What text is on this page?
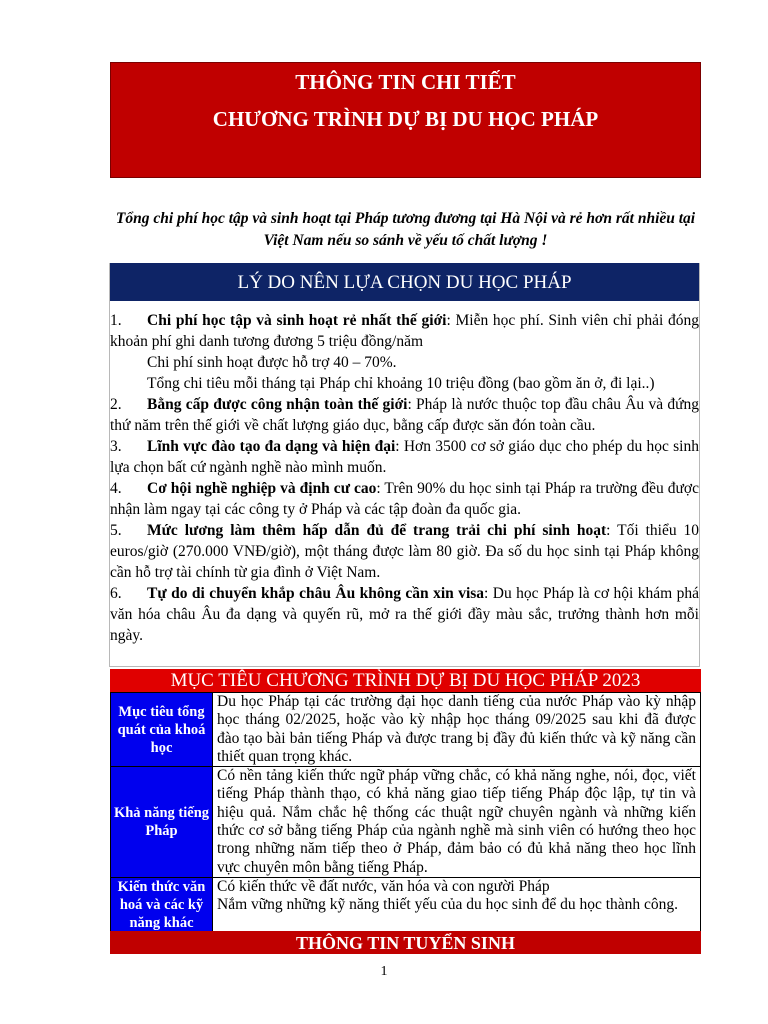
THÔNG TIN CHI TIẾT
CHƯƠNG TRÌNH DỰ BỊ DU HỌC PHÁP
Tổng chi phí học tập và sinh hoạt tại Pháp tương đương tại Hà Nội và rẻ hơn rất nhiều tại Việt Nam nếu so sánh về yếu tố chất lượng !
LÝ DO NÊN LỰA CHỌN DU HỌC PHÁP

1. Chi phí học tập và sinh hoạt rẻ nhất thế giới: Miễn học phí. Sinh viên chỉ phải đóng khoản phí ghi danh tương đương 5 triệu đồng/năm

Chi phí sinh hoạt được hỗ trợ 40 – 70%.

Tổng chi tiêu mỗi tháng tại Pháp chỉ khoảng 10 triệu đồng (bao gồm ăn ở, đi lại..)

2. Bằng cấp được công nhận toàn thế giới: Pháp là nước thuộc top đầu châu Âu và đứng thứ năm trên thế giới về chất lượng giáo dục, bằng cấp được săn đón toàn cầu.

3. Lĩnh vực đào tạo đa dạng và hiện đại: Hơn 3500 cơ sở giáo dục cho phép du học sinh lựa chọn bất cứ ngành nghề nào mình muốn.

4. Cơ hội nghề nghiệp và định cư cao: Trên 90% du học sinh tại Pháp ra trường đều được nhận làm ngay tại các công ty ở Pháp và các tập đoàn đa quốc gia.

5. Mức lương làm thêm hấp dẫn đủ để trang trải chi phí sinh hoạt: Tối thiểu 10 euros/giờ (270.000 VNĐ/giờ), một tháng được làm 80 giờ. Đa số du học sinh tại Pháp không cần hỗ trợ tài chính từ gia đình ở Việt Nam.

6. Tự do di chuyển khắp châu Âu không cần xin visa: Du học Pháp là cơ hội khám phá văn hóa châu Âu đa dạng và quyến rũ, mở ra thế giới đầy màu sắc, trưởng thành hơn mỗi ngày.

MỤC TIÊU CHƯƠNG TRÌNH DỰ BỊ DU HỌC PHÁP 2023
Mục tiêu tổng quát của khoá học	Du học Pháp tại các trường đại học danh tiếng của nước Pháp vào kỳ nhập học tháng 02/2025, hoặc vào kỳ nhập học tháng 09/2025 sau khi đã được đào tạo bài bản tiếng Pháp và được trang bị đầy đủ kiến thức và kỹ năng cần thiết quan trọng khác.
Khả năng tiếng Pháp	Có nền tảng kiến thức ngữ pháp vững chắc, có khả năng nghe, nói, đọc, viết tiếng Pháp thành thạo, có khả năng giao tiếp tiếng Pháp độc lập, tự tin và hiệu quả. Nắm chắc hệ thống các thuật ngữ chuyên ngành và những kiến thức cơ sở bằng tiếng Pháp của ngành nghề mà sinh viên có hướng theo học trong những năm tiếp theo ở Pháp, đảm bảo có đủ khả năng theo học lĩnh vực chuyên môn bằng tiếng Pháp.
Kiến thức văn hoá và các kỹ năng khác	Có kiến thức về đất nước, văn hóa và con người Pháp
Nắm vững những kỹ năng thiết yếu của du học sinh để du học thành công.
THÔNG TIN TUYỂN SINH
1
